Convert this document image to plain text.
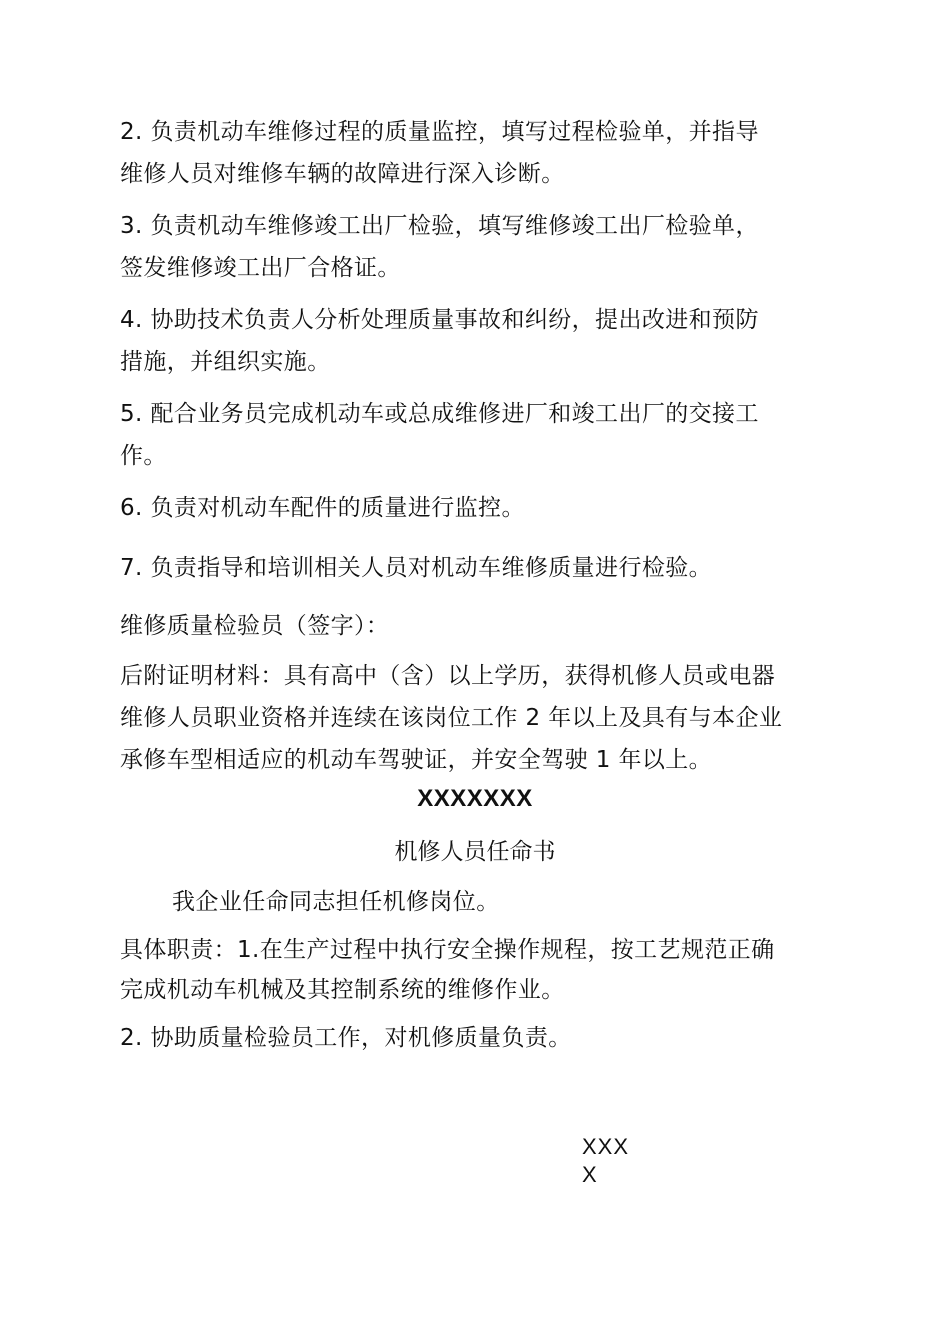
2. 负责机动车维修过程的质量监控，填写过程检验单，并指导
维修人员对维修车辆的故障进行深入诊断。
3. 负责机动车维修竣工出厂检验，填写维修竣工出厂检验单，
签发维修竣工出厂合格证。
4. 协助技术负责人分析处理质量事故和纠纷，提出改进和预防
措施，并组织实施。
5. 配合业务员完成机动车或总成维修进厂和竣工出厂的交接工
作。
6. 负责对机动车配件的质量进行监控。
7. 负责指导和培训相关人员对机动车维修质量进行检验。
维修质量检验员（签字）：
后附证明材料：具有高中（含）以上学历，获得机修人员或电器
维修人员职业资格并连续在该岗位工作 2 年以上及具有与本企业
承修车型相适应的机动车驾驶证，并安全驾驶 1 年以上。
XXXXXXX
机修人员任命书
我企业任命同志担任机修岗位。
具体职责：1.在生产过程中执行安全操作规程，按工艺规范正确
完成机动车机械及其控制系统的维修作业。
2. 协助质量检验员工作，对机修质量负责。
XXX
X
